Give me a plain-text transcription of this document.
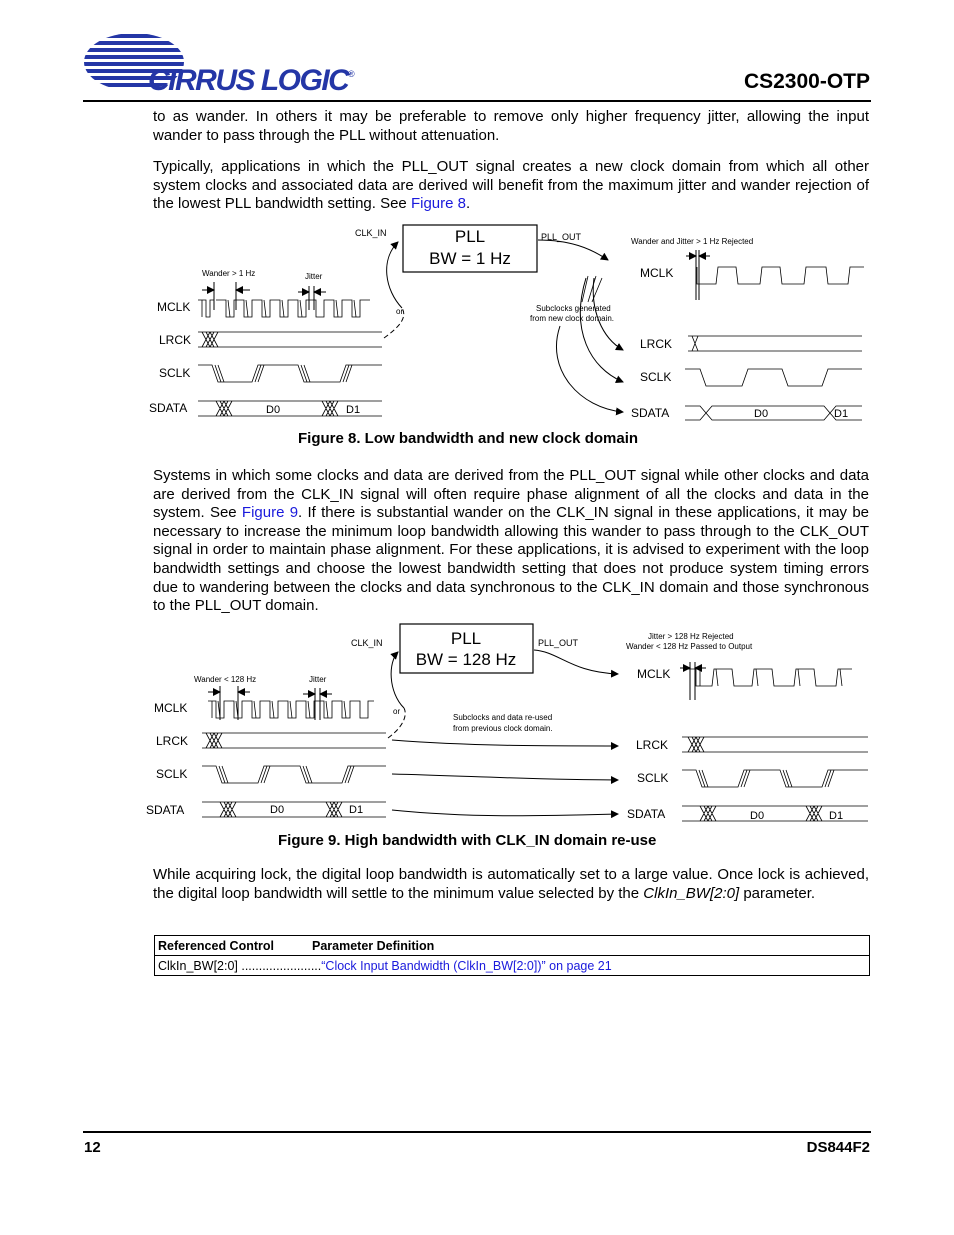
CIRRUS LOGIC ®	CS2300-OTP
to as wander. In others it may be preferable to remove only higher frequency jitter, allowing the input wander to pass through the PLL without attenuation.
Typically, applications in which the PLL_OUT signal creates a new clock domain from which all other system clocks and associated data are derived will benefit from the maximum jitter and wander rejection of the lowest PLL bandwidth setting. See Figure 8.
PLL
BW = 1 Hz
CLK_IN	PLL_OUT
or
Wander > 1 Hz	Jitter
MCLK
LRCK
SCLK
SDATA	D0	D1
Wander and Jitter > 1 Hz Rejected
MCLK
LRCK
SCLK
SDATA
Subclocks generated
from new clock domain.
D0	D1
Figure 8. Low bandwidth and new clock domain
Systems in which some clocks and data are derived from the PLL_OUT signal while other clocks and data are derived from the CLK_IN signal will often require phase alignment of all the clocks and data in the system. See Figure 9. If there is substantial wander on the CLK_IN signal in these applications, it may be necessary to increase the minimum loop bandwidth allowing this wander to pass through to the CLK_OUT signal in order to maintain phase alignment. For these applications, it is advised to experiment with the loop bandwidth settings and choose the lowest bandwidth setting that does not produce system timing errors due to wandering between the clocks and data synchronous to the CLK_IN domain and those synchronous to the PLL_OUT domain.
PLL
BW = 128 Hz
CLK_IN	PLL_OUT
or
Wander < 128 Hz	Jitter
MCLK
LRCK
SCLK
SDATA	D0	D1
Jitter > 128 Hz Rejected
Wander < 128 Hz Passed to Output
MCLK
LRCK
SCLK
SDATA
Subclocks and data re-used
from previous clock domain.
D0	D1
Figure 9. High bandwidth with CLK_IN domain re-use
While acquiring lock, the digital loop bandwidth is automatically set to a large value. Once lock is achieved, the digital loop bandwidth will settle to the minimum value selected by the ClkIn_BW[2:0] parameter.
Referenced Control	Parameter Definition
ClkIn_BW[2:0] .......................“Clock Input Bandwidth (ClkIn_BW[2:0])” on page 21
12	DS844F2
